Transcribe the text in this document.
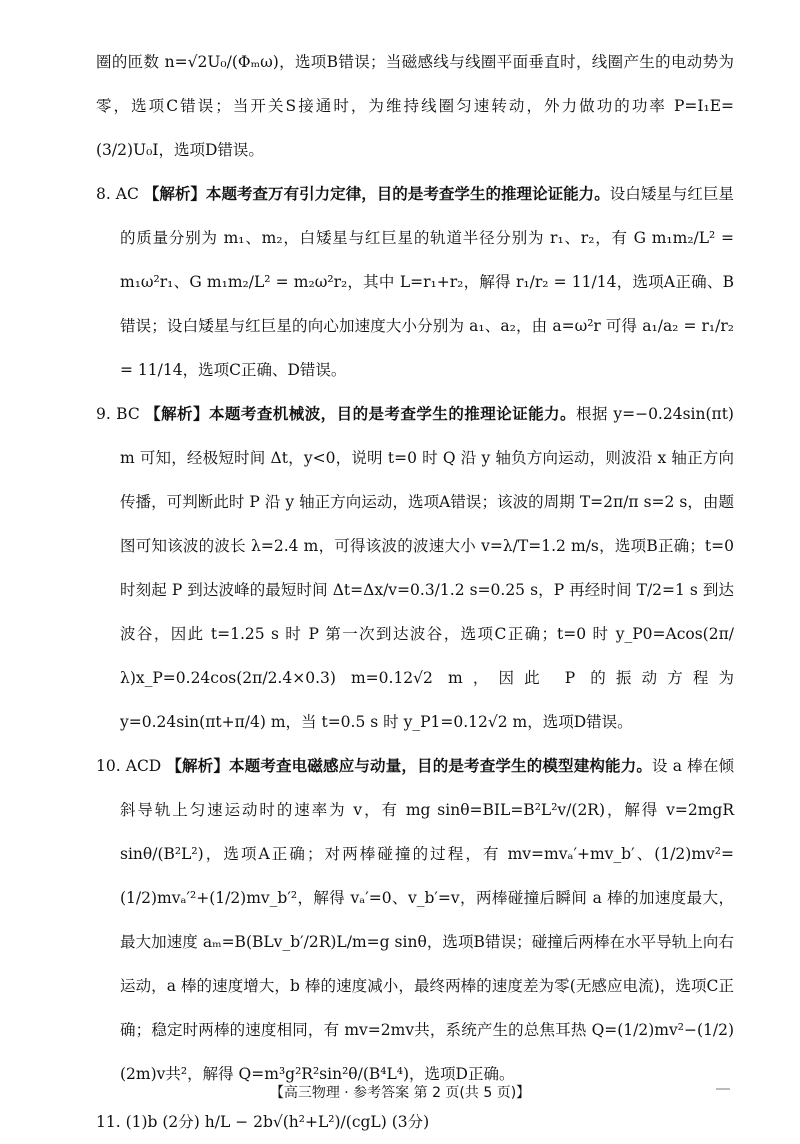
圈的匝数 n=√2U₀/(Φₘω)，选项B错误；当磁感线与线圈平面垂直时，线圈产生的电动势为零，选项C错误；当开关S接通时，为维持线圈匀速转动，外力做功的功率 P=I₁E=(3/2)U₀I，选项D错误。

8. AC 【解析】本题考查万有引力定律，目的是考查学生的推理论证能力。设白矮星与红巨星的质量分别为 m₁、m₂，白矮星与红巨星的轨道半径分别为 r₁、r₂，有 G m₁m₂/L² = m₁ω²r₁、G m₁m₂/L² = m₂ω²r₂，其中 L=r₁+r₂，解得 r₁/r₂ = 11/14，选项A正确、B错误；设白矮星与红巨星的向心加速度大小分别为 a₁、a₂，由 a=ω²r 可得 a₁/a₂ = r₁/r₂ = 11/14，选项C正确、D错误。

9. BC 【解析】本题考查机械波，目的是考查学生的推理论证能力。根据 y=−0.24sin(πt) m 可知，经极短时间 Δt，y<0，说明 t=0 时 Q 沿 y 轴负方向运动，则波沿 x 轴正方向传播，可判断此时 P 沿 y 轴正方向运动，选项A错误；该波的周期 T=2π/π s=2 s，由题图可知该波的波长 λ=2.4 m，可得该波的波速大小 v=λ/T=1.2 m/s，选项B正确；t=0 时刻起 P 到达波峰的最短时间 Δt=Δx/v=0.3/1.2 s=0.25 s，P 再经时间 T/2=1 s 到达波谷，因此 t=1.25 s 时 P 第一次到达波谷，选项C正确；t=0 时 y_P0=Acos(2π/λ)x_P=0.24cos(2π/2.4×0.3) m=0.12√2 m，因此 P 的振动方程为 y=0.24sin(πt+π/4) m，当 t=0.5 s 时 y_P1=0.12√2 m，选项D错误。

10. ACD 【解析】本题考查电磁感应与动量，目的是考查学生的模型建构能力。设 a 棒在倾斜导轨上匀速运动时的速率为 v，有 mg sinθ=BIL=B²L²v/(2R)，解得 v=2mgR sinθ/(B²L²)，选项A正确；对两棒碰撞的过程，有 mv=mvₐ′+mv_b′、(1/2)mv²=(1/2)mvₐ′²+(1/2)mv_b′²，解得 vₐ′=0、v_b′=v，两棒碰撞后瞬间 a 棒的加速度最大，最大加速度 aₘ=B(BLv_b′/2R)L/m=g sinθ，选项B错误；碰撞后两棒在水平导轨上向右运动，a 棒的速度增大，b 棒的速度减小，最终两棒的速度差为零(无感应电流)，选项C正确；稳定时两棒的速度相同，有 mv=2mv共，系统产生的总焦耳热 Q=(1/2)mv²−(1/2)(2m)v共²，解得 Q=m³g²R²sin²θ/(B⁴L⁴)，选项D正确。

11. (1)b (2分) h/L − 2b√(h²+L²)/(cgL) (3分)

【高三物理 · 参考答案 第 2 页(共 5 页)】
